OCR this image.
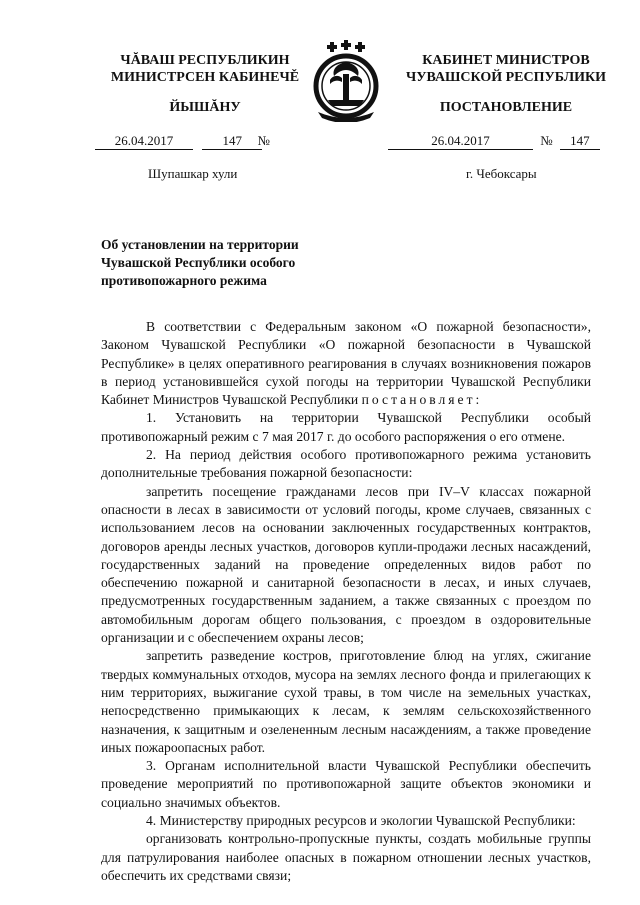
ЧĂВАШ РЕСПУБЛИКИН
МИНИСТРСЕН КАБИНЕЧĚ
КАБИНЕТ МИНИСТРОВ
ЧУВАШСКОЙ РЕСПУБЛИКИ
ЙЫШĂНУ	ПОСТАНОВЛЕНИЕ
26.04.2017	147 №	26.04.2017	№ 147
Шупашкар хули	г. Чебоксары
Об установлении на территории
Чувашской Республики особого
противопожарного режима

В соответствии с Федеральным законом «О пожарной безопасности», Законом Чувашской Республики «О пожарной безопасности в Чувашской Республике» в целях оперативного реагирования в случаях возникновения пожаров в период установившейся сухой погоды на территории Чувашской Республики Кабинет Министров Чувашской Республики постановляет:

1. Установить на территории Чувашской Республики особый противопожарный режим с 7 мая 2017 г. до особого распоряжения о его отмене.

2. На период действия особого противопожарного режима установить дополнительные требования пожарной безопасности:

запретить посещение гражданами лесов при IV–V классах пожарной опасности в лесах в зависимости от условий погоды, кроме случаев, связанных с использованием лесов на основании заключенных государственных контрактов, договоров аренды лесных участков, договоров купли-продажи лесных насаждений, государственных заданий на проведение определенных видов работ по обеспечению пожарной и санитарной безопасности в лесах, и иных случаев, предусмотренных государственным заданием, а также связанных с проездом по автомобильным дорогам общего пользования, с проездом в оздоровительные организации и с обеспечением охраны лесов;

запретить разведение костров, приготовление блюд на углях, сжигание твердых коммунальных отходов, мусора на землях лесного фонда и прилегающих к ним территориях, выжигание сухой травы, в том числе на земельных участках, непосредственно примыкающих к лесам, к землям сельскохозяйственного назначения, к защитным и озелененным лесным насаждениям, а также проведение иных пожароопасных работ.

3. Органам исполнительной власти Чувашской Республики обеспечить проведение мероприятий по противопожарной защите объектов экономики и социально значимых объектов.

4. Министерству природных ресурсов и экологии Чувашской Республики:

организовать контрольно-пропускные пункты, создать мобильные группы для патрулирования наиболее опасных в пожарном отношении лесных участков, обеспечить их средствами связи;
